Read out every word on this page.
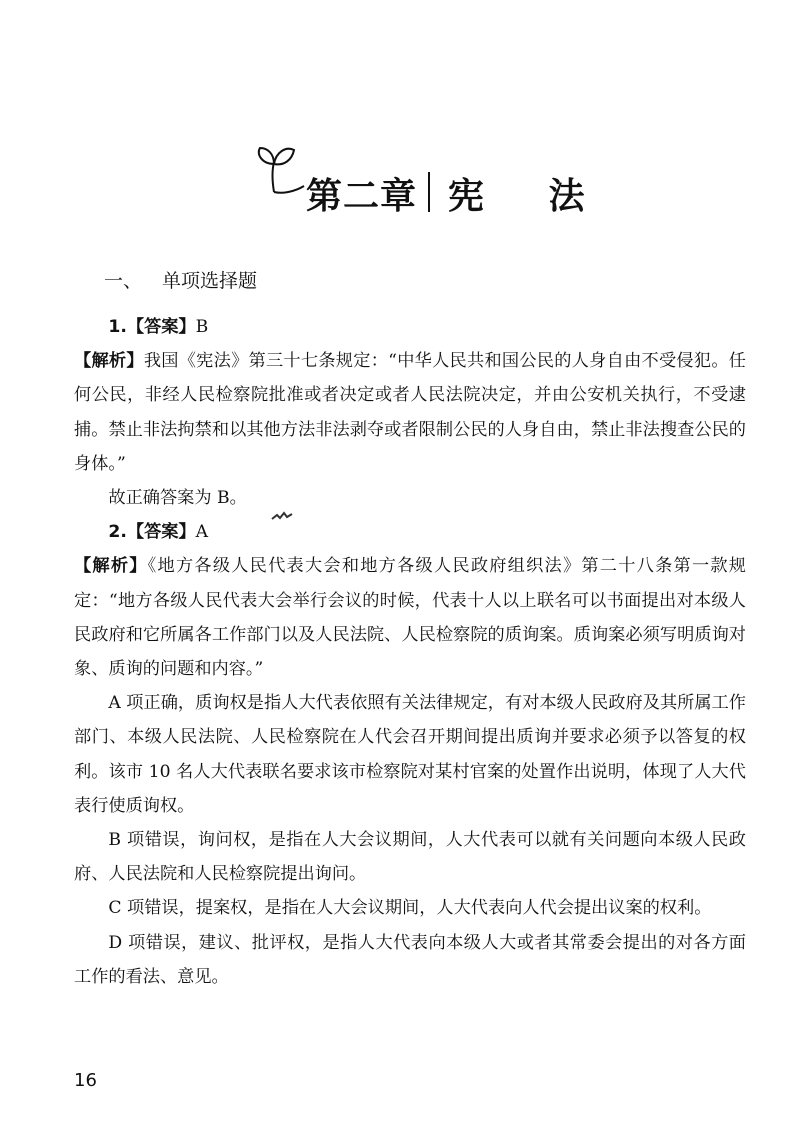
第二章 宪 法
一、 单项选择题

1.【答案】B

【解析】我国《宪法》第三十七条规定：“中华人民共和国公民的人身自由不受侵犯。任何公民，非经人民检察院批准或者决定或者人民法院决定，并由公安机关执行，不受逮捕。禁止非法拘禁和以其他方法非法剥夺或者限制公民的人身自由，禁止非法搜查公民的身体。”

故正确答案为 B。

2.【答案】A

【解析】《地方各级人民代表大会和地方各级人民政府组织法》第二十八条第一款规定：“地方各级人民代表大会举行会议的时候，代表十人以上联名可以书面提出对本级人民政府和它所属各工作部门以及人民法院、人民检察院的质询案。质询案必须写明质询对象、质询的问题和内容。”

A 项正确，质询权是指人大代表依照有关法律规定，有对本级人民政府及其所属工作部门、本级人民法院、人民检察院在人代会召开期间提出质询并要求必须予以答复的权利。该市 10 名人大代表联名要求该市检察院对某村官案的处置作出说明，体现了人大代表行使质询权。

B 项错误，询问权，是指在人大会议期间，人大代表可以就有关问题向本级人民政府、人民法院和人民检察院提出询问。

C 项错误，提案权，是指在人大会议期间，人大代表向人代会提出议案的权利。

D 项错误，建议、批评权，是指人大代表向本级人大或者其常委会提出的对各方面工作的看法、意见。

16
